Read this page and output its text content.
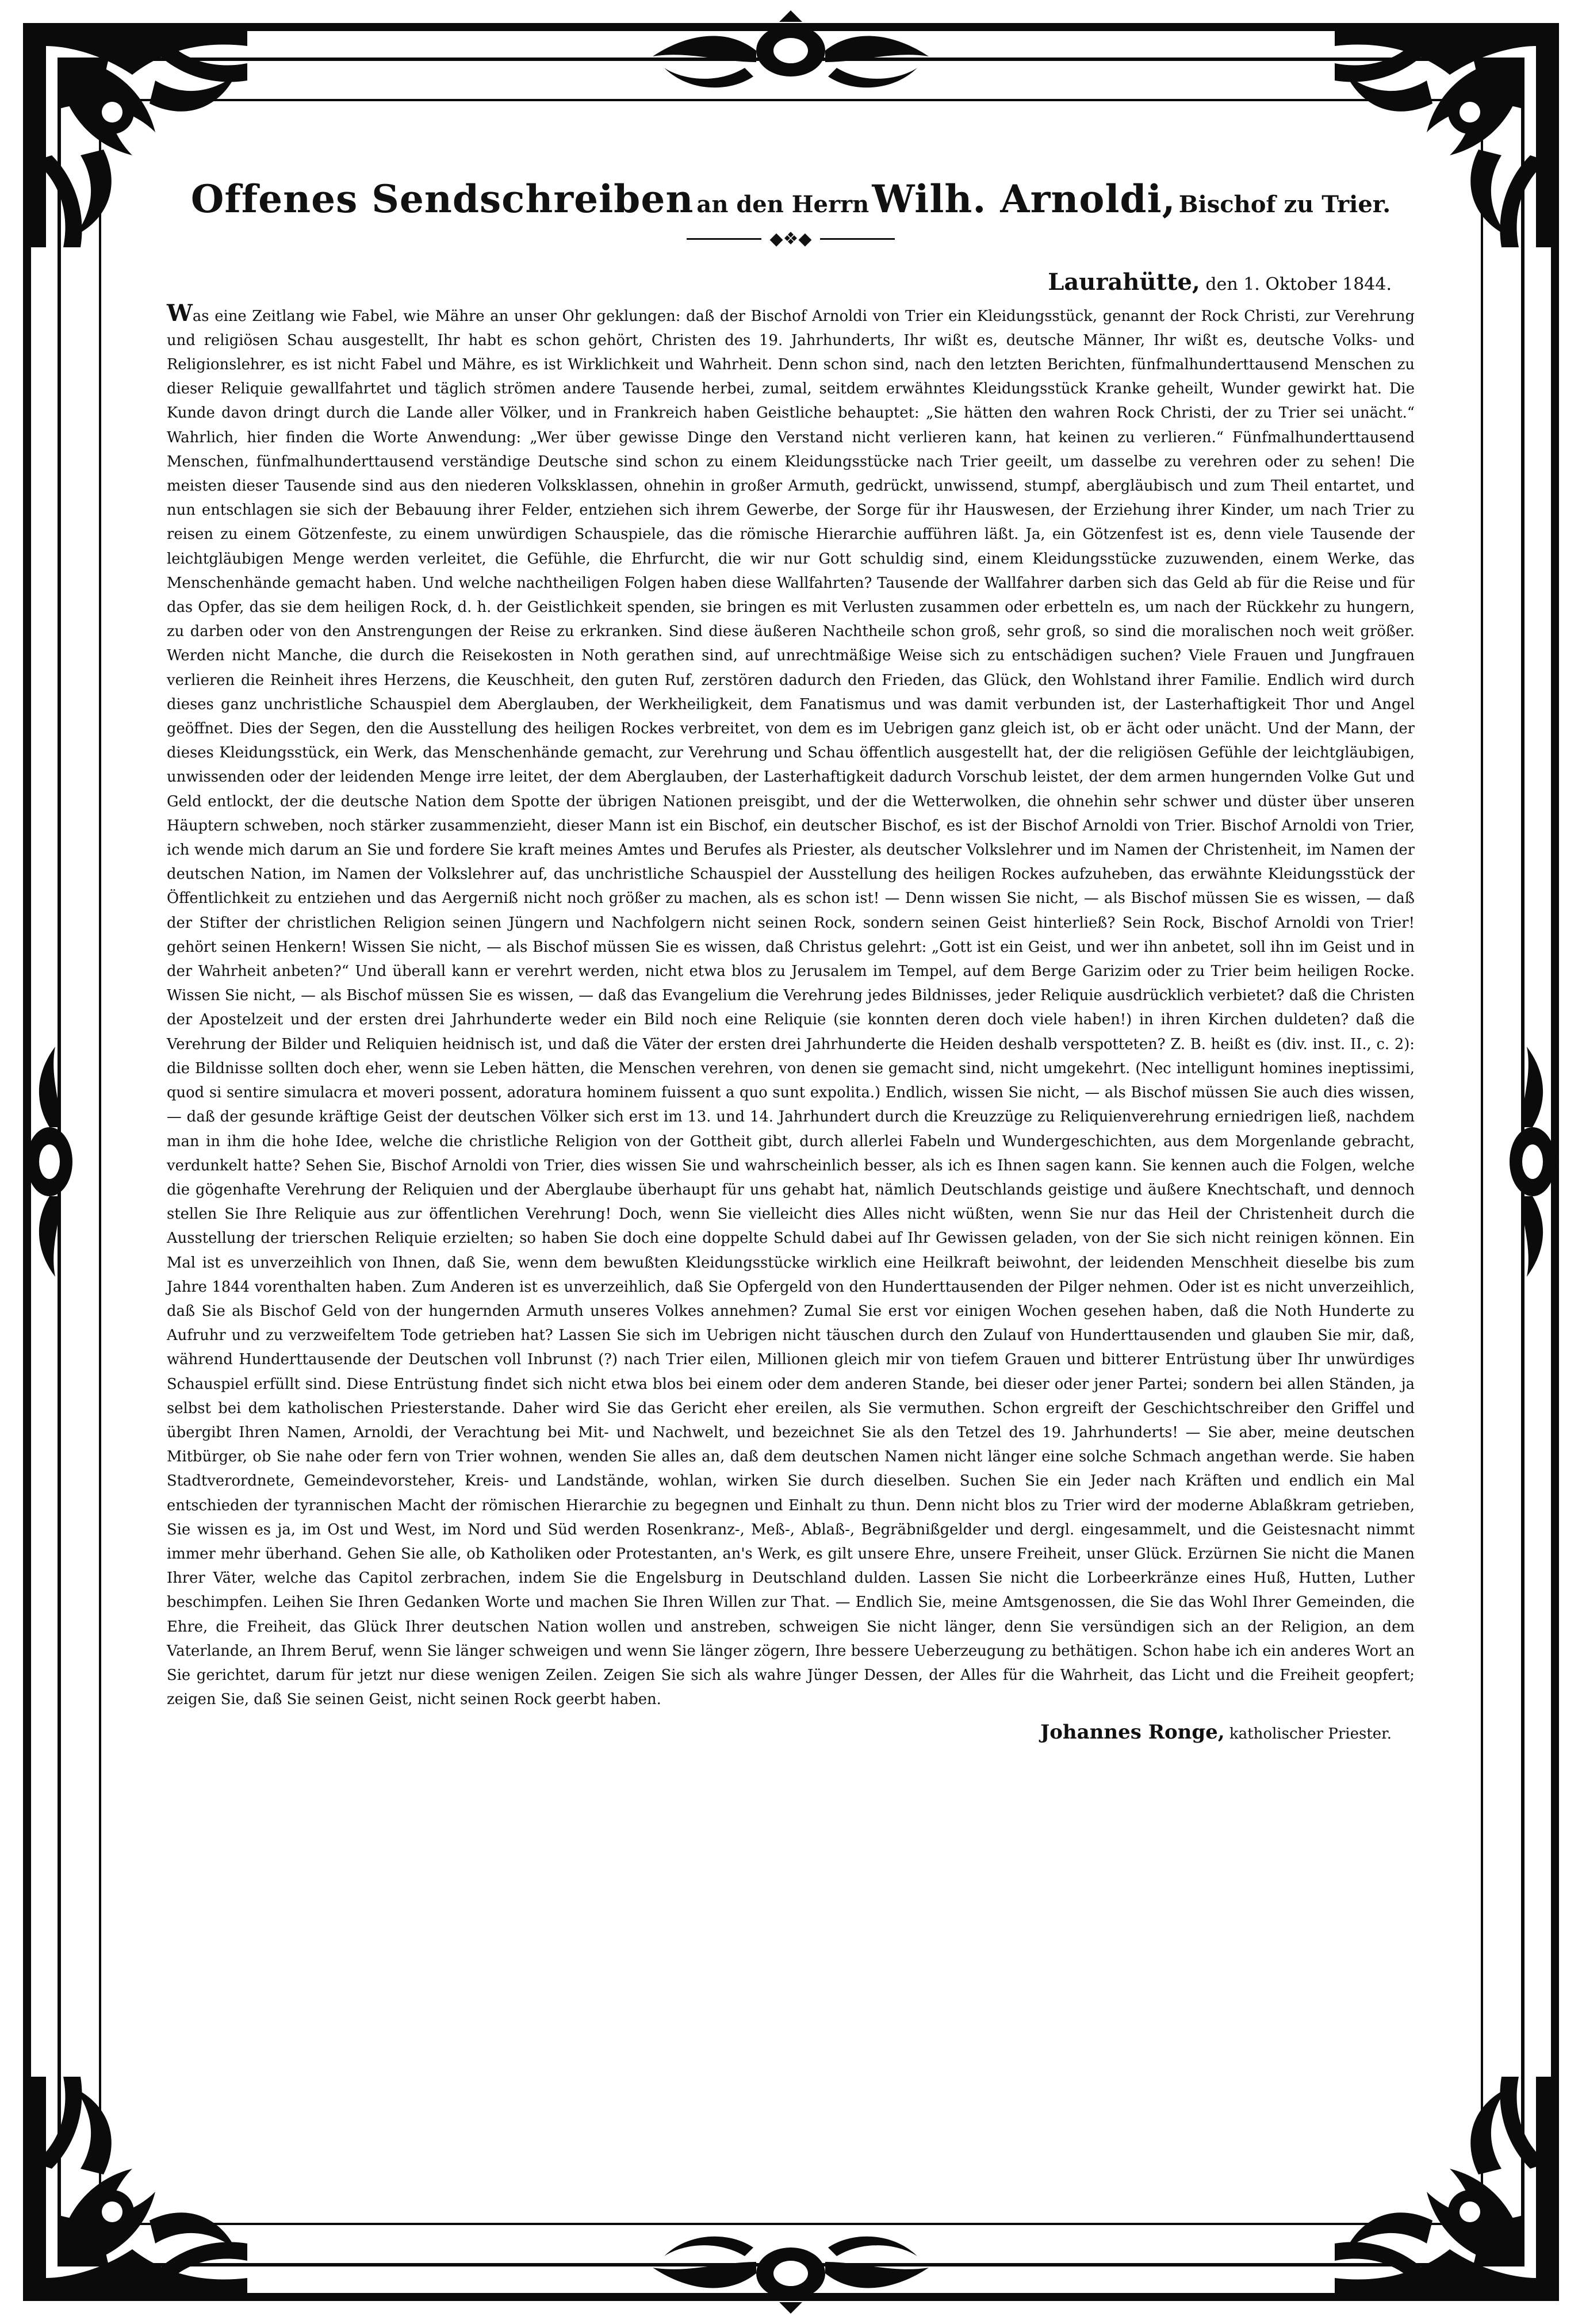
Offenes Sendschreiben an den Herrn Wilh. Arnoldi, Bischof zu Trier.
◆❖◆
Laurahütte, den 1. Oktober 1844.
Was eine Zeitlang wie Fabel, wie Mähre an unser Ohr geklungen: daß der Bischof Arnoldi von Trier ein Kleidungsstück, genannt der Rock Christi, zur Verehrung und religiösen Schau ausgestellt, Ihr habt es schon gehört, Christen des 19. Jahrhunderts, Ihr wißt es, deutsche Männer, Ihr wißt es, deutsche Volks- und Religionslehrer, es ist nicht Fabel und Mähre, es ist Wirklichkeit und Wahrheit. Denn schon sind, nach den letzten Berichten, fünfmalhunderttausend Menschen zu dieser Reliquie gewallfahrtet und täglich strömen andere Tausende herbei, zumal, seitdem erwähntes Kleidungsstück Kranke geheilt, Wunder gewirkt hat. Die Kunde davon dringt durch die Lande aller Völker, und in Frankreich haben Geistliche behauptet: „Sie hätten den wahren Rock Christi, der zu Trier sei unächt.“ Wahrlich, hier finden die Worte Anwendung: „Wer über gewisse Dinge den Verstand nicht verlieren kann, hat keinen zu verlieren.“ Fünfmalhunderttausend Menschen, fünfmalhunderttausend verständige Deutsche sind schon zu einem Kleidungsstücke nach Trier geeilt, um dasselbe zu verehren oder zu sehen! Die meisten dieser Tausende sind aus den niederen Volksklassen, ohnehin in großer Armuth, gedrückt, unwissend, stumpf, abergläubisch und zum Theil entartet, und nun entschlagen sie sich der Bebauung ihrer Felder, entziehen sich ihrem Gewerbe, der Sorge für ihr Hauswesen, der Erziehung ihrer Kinder, um nach Trier zu reisen zu einem Götzenfeste, zu einem unwürdigen Schauspiele, das die römische Hierarchie aufführen läßt. Ja, ein Götzenfest ist es, denn viele Tausende der leichtgläubigen Menge werden verleitet, die Gefühle, die Ehrfurcht, die wir nur Gott schuldig sind, einem Kleidungsstücke zuzuwenden, einem Werke, das Menschenhände gemacht haben. Und welche nachtheiligen Folgen haben diese Wallfahrten? Tausende der Wallfahrer darben sich das Geld ab für die Reise und für das Opfer, das sie dem heiligen Rock, d. h. der Geistlichkeit spenden, sie bringen es mit Verlusten zusammen oder erbetteln es, um nach der Rückkehr zu hungern, zu darben oder von den Anstrengungen der Reise zu erkranken. Sind diese äußeren Nachtheile schon groß, sehr groß, so sind die moralischen noch weit größer. Werden nicht Manche, die durch die Reisekosten in Noth gerathen sind, auf unrechtmäßige Weise sich zu entschädigen suchen? Viele Frauen und Jungfrauen verlieren die Reinheit ihres Herzens, die Keuschheit, den guten Ruf, zerstören dadurch den Frieden, das Glück, den Wohlstand ihrer Familie. Endlich wird durch dieses ganz unchristliche Schauspiel dem Aberglauben, der Werkheiligkeit, dem Fanatismus und was damit verbunden ist, der Lasterhaftigkeit Thor und Angel geöffnet. Dies der Segen, den die Ausstellung des heiligen Rockes verbreitet, von dem es im Uebrigen ganz gleich ist, ob er ächt oder unächt. Und der Mann, der dieses Kleidungsstück, ein Werk, das Menschenhände gemacht, zur Verehrung und Schau öffentlich ausgestellt hat, der die religiösen Gefühle der leichtgläubigen, unwissenden oder der leidenden Menge irre leitet, der dem Aberglauben, der Lasterhaftigkeit dadurch Vorschub leistet, der dem armen hungernden Volke Gut und Geld entlockt, der die deutsche Nation dem Spotte der übrigen Nationen preisgibt, und der die Wetterwolken, die ohnehin sehr schwer und düster über unseren Häuptern schweben, noch stärker zusammenzieht, dieser Mann ist ein Bischof, ein deutscher Bischof, es ist der Bischof Arnoldi von Trier. Bischof Arnoldi von Trier, ich wende mich darum an Sie und fordere Sie kraft meines Amtes und Berufes als Priester, als deutscher Volkslehrer und im Namen der Christenheit, im Namen der deutschen Nation, im Namen der Volkslehrer auf, das unchristliche Schauspiel der Ausstellung des heiligen Rockes aufzuheben, das erwähnte Kleidungsstück der Öffentlichkeit zu entziehen und das Aergerniß nicht noch größer zu machen, als es schon ist! — Denn wissen Sie nicht, — als Bischof müssen Sie es wissen, — daß der Stifter der christlichen Religion seinen Jüngern und Nachfolgern nicht seinen Rock, sondern seinen Geist hinterließ? Sein Rock, Bischof Arnoldi von Trier! gehört seinen Henkern! Wissen Sie nicht, — als Bischof müssen Sie es wissen, daß Christus gelehrt: „Gott ist ein Geist, und wer ihn anbetet, soll ihn im Geist und in der Wahrheit anbeten?“ Und überall kann er verehrt werden, nicht etwa blos zu Jerusalem im Tempel, auf dem Berge Garizim oder zu Trier beim heiligen Rocke. Wissen Sie nicht, — als Bischof müssen Sie es wissen, — daß das Evangelium die Verehrung jedes Bildnisses, jeder Reliquie ausdrücklich verbietet? daß die Christen der Apostelzeit und der ersten drei Jahrhunderte weder ein Bild noch eine Reliquie (sie konnten deren doch viele haben!) in ihren Kirchen duldeten? daß die Verehrung der Bilder und Reliquien heidnisch ist, und daß die Väter der ersten drei Jahrhunderte die Heiden deshalb verspotteten? Z. B. heißt es (div. inst. II., c. 2): die Bildnisse sollten doch eher, wenn sie Leben hätten, die Menschen verehren, von denen sie gemacht sind, nicht umgekehrt. (Nec intelligunt homines ineptissimi, quod si sentire simulacra et moveri possent, adoratura hominem fuissent a quo sunt expolita.) Endlich, wissen Sie nicht, — als Bischof müssen Sie auch dies wissen, — daß der gesunde kräftige Geist der deutschen Völker sich erst im 13. und 14. Jahrhundert durch die Kreuzzüge zu Reliquienverehrung erniedrigen ließ, nachdem man in ihm die hohe Idee, welche die christliche Religion von der Gottheit gibt, durch allerlei Fabeln und Wundergeschichten, aus dem Morgenlande gebracht, verdunkelt hatte? Sehen Sie, Bischof Arnoldi von Trier, dies wissen Sie und wahrscheinlich besser, als ich es Ihnen sagen kann. Sie kennen auch die Folgen, welche die gögenhafte Verehrung der Reliquien und der Aberglaube überhaupt für uns gehabt hat, nämlich Deutschlands geistige und äußere Knechtschaft, und dennoch stellen Sie Ihre Reliquie aus zur öffentlichen Verehrung! Doch, wenn Sie vielleicht dies Alles nicht wüßten, wenn Sie nur das Heil der Christenheit durch die Ausstellung der trierschen Reliquie erzielten; so haben Sie doch eine doppelte Schuld dabei auf Ihr Gewissen geladen, von der Sie sich nicht reinigen können. Ein Mal ist es unverzeihlich von Ihnen, daß Sie, wenn dem bewußten Kleidungsstücke wirklich eine Heilkraft beiwohnt, der leidenden Menschheit dieselbe bis zum Jahre 1844 vorenthalten haben. Zum Anderen ist es unverzeihlich, daß Sie Opfergeld von den Hunderttausenden der Pilger nehmen. Oder ist es nicht unverzeihlich, daß Sie als Bischof Geld von der hungernden Armuth unseres Volkes annehmen? Zumal Sie erst vor einigen Wochen gesehen haben, daß die Noth Hunderte zu Aufruhr und zu verzweifeltem Tode getrieben hat? Lassen Sie sich im Uebrigen nicht täuschen durch den Zulauf von Hunderttausenden und glauben Sie mir, daß, während Hunderttausende der Deutschen voll Inbrunst (?) nach Trier eilen, Millionen gleich mir von tiefem Grauen und bitterer Entrüstung über Ihr unwürdiges Schauspiel erfüllt sind. Diese Entrüstung findet sich nicht etwa blos bei einem oder dem anderen Stande, bei dieser oder jener Partei; sondern bei allen Ständen, ja selbst bei dem katholischen Priesterstande. Daher wird Sie das Gericht eher ereilen, als Sie vermuthen. Schon ergreift der Geschichtschreiber den Griffel und übergibt Ihren Namen, Arnoldi, der Verachtung bei Mit- und Nachwelt, und bezeichnet Sie als den Tetzel des 19. Jahrhunderts! — Sie aber, meine deutschen Mitbürger, ob Sie nahe oder fern von Trier wohnen, wenden Sie alles an, daß dem deutschen Namen nicht länger eine solche Schmach angethan werde. Sie haben Stadtverordnete, Gemeindevorsteher, Kreis- und Landstände, wohlan, wirken Sie durch dieselben. Suchen Sie ein Jeder nach Kräften und endlich ein Mal entschieden der tyrannischen Macht der römischen Hierarchie zu begegnen und Einhalt zu thun. Denn nicht blos zu Trier wird der moderne Ablaßkram getrieben, Sie wissen es ja, im Ost und West, im Nord und Süd werden Rosenkranz-, Meß-, Ablaß-, Begräbnißgelder und dergl. eingesammelt, und die Geistesnacht nimmt immer mehr überhand. Gehen Sie alle, ob Katholiken oder Protestanten, an's Werk, es gilt unsere Ehre, unsere Freiheit, unser Glück. Erzürnen Sie nicht die Manen Ihrer Väter, welche das Capitol zerbrachen, indem Sie die Engelsburg in Deutschland dulden. Lassen Sie nicht die Lorbeerkränze eines Huß, Hutten, Luther beschimpfen. Leihen Sie Ihren Gedanken Worte und machen Sie Ihren Willen zur That. — Endlich Sie, meine Amtsgenossen, die Sie das Wohl Ihrer Gemeinden, die Ehre, die Freiheit, das Glück Ihrer deutschen Nation wollen und anstreben, schweigen Sie nicht länger, denn Sie versündigen sich an der Religion, an dem Vaterlande, an Ihrem Beruf, wenn Sie länger schweigen und wenn Sie länger zögern, Ihre bessere Ueberzeugung zu bethätigen. Schon habe ich ein anderes Wort an Sie gerichtet, darum für jetzt nur diese wenigen Zeilen. Zeigen Sie sich als wahre Jünger Dessen, der Alles für die Wahrheit, das Licht und die Freiheit geopfert; zeigen Sie, daß Sie seinen Geist, nicht seinen Rock geerbt haben.
Johannes Ronge, katholischer Priester.
